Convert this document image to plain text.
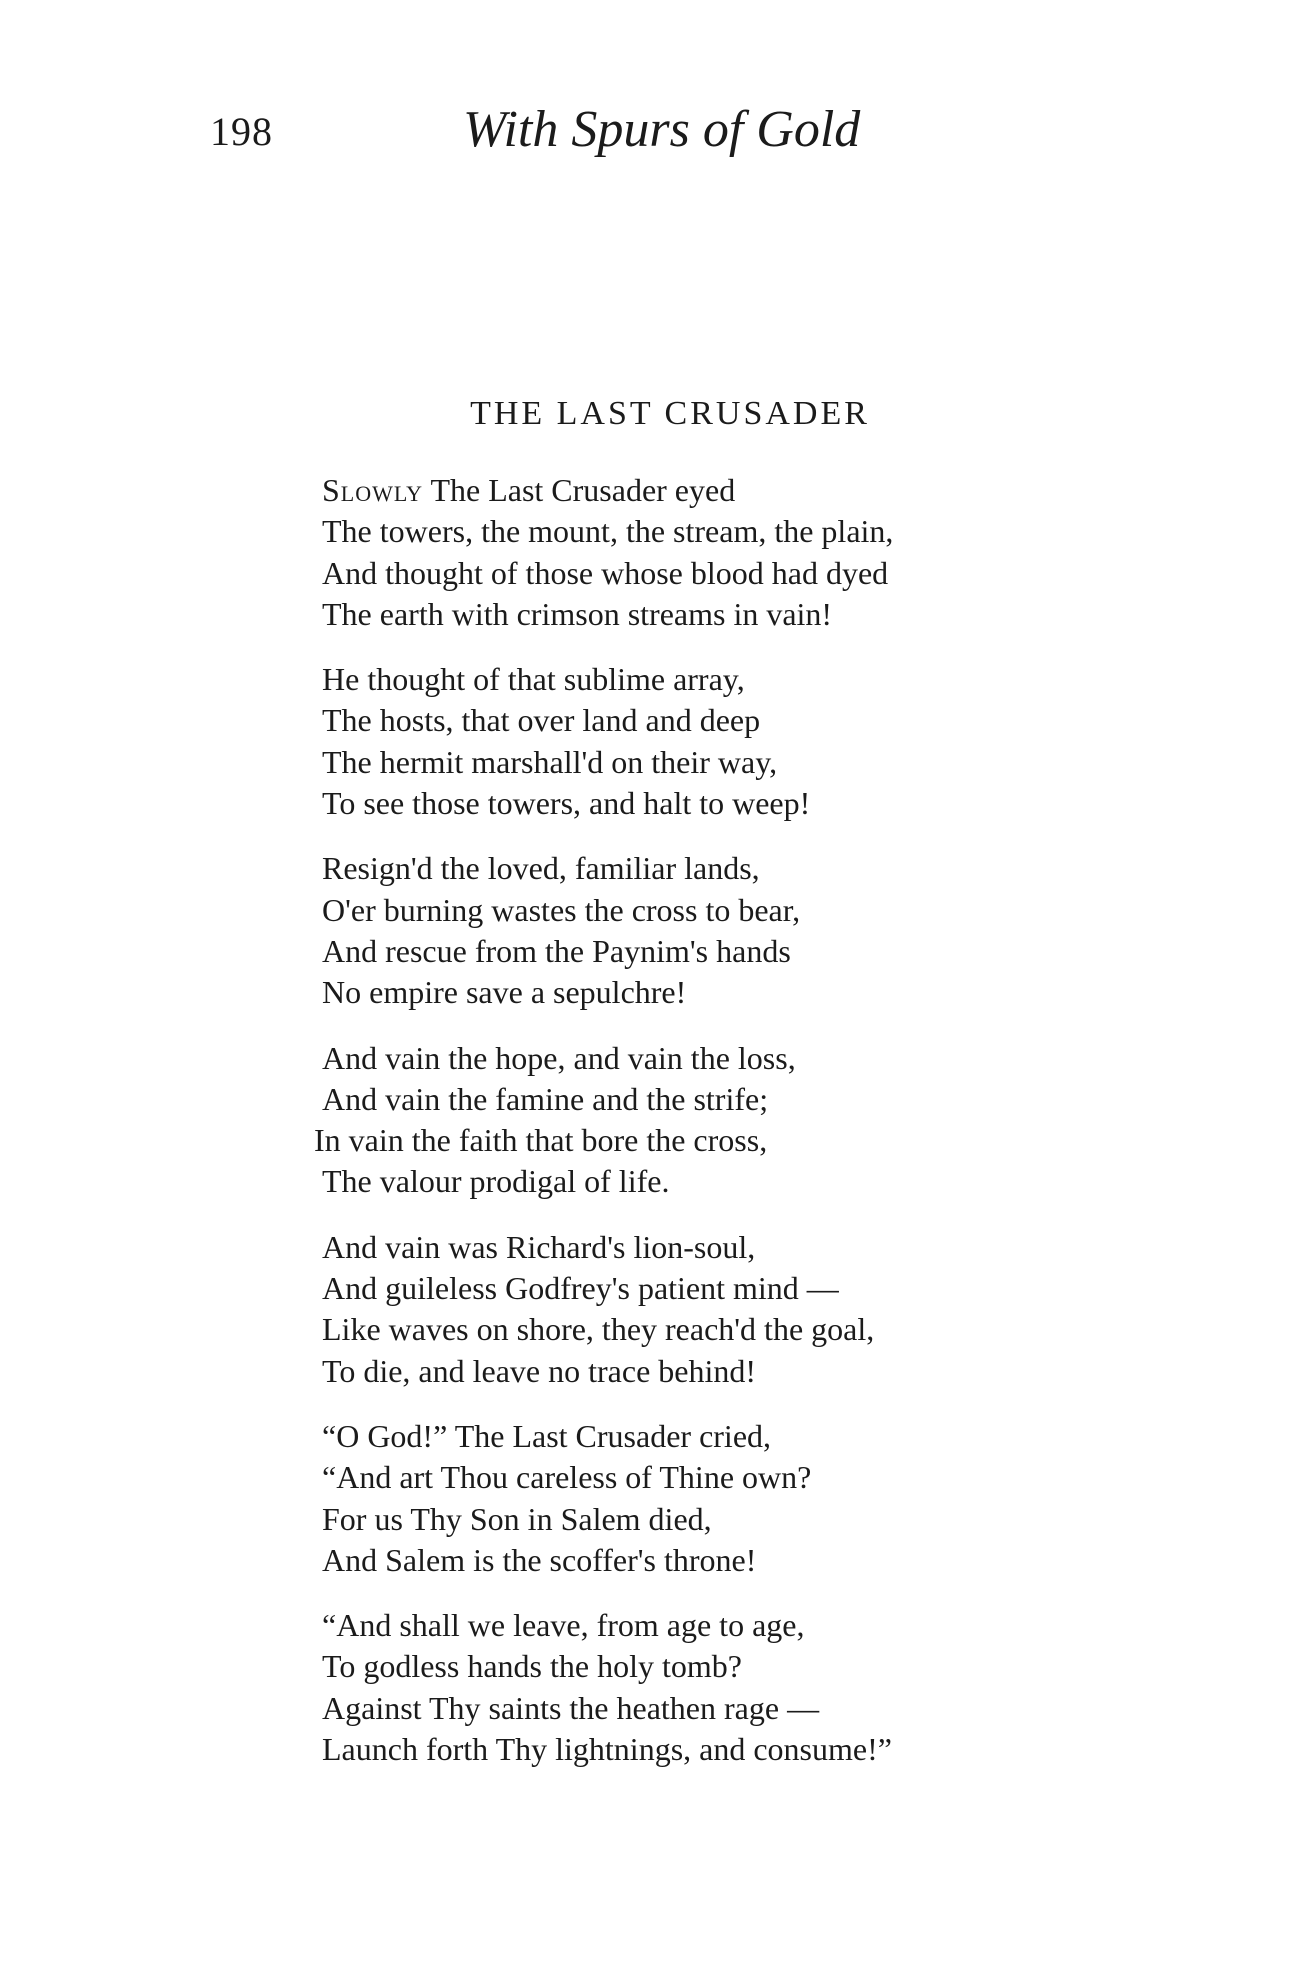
198	With Spurs of Gold
THE LAST CRUSADER
Slowly The Last Crusader eyed
The towers, the mount, the stream, the plain,
And thought of those whose blood had dyed
The earth with crimson streams in vain!
He thought of that sublime array,
The hosts, that over land and deep
The hermit marshall'd on their way,
To see those towers, and halt to weep!
Resign'd the loved, familiar lands,
O'er burning wastes the cross to bear,
And rescue from the Paynim's hands
No empire save a sepulchre!
And vain the hope, and vain the loss,
And vain the famine and the strife;
In vain the faith that bore the cross,
The valour prodigal of life.
And vain was Richard's lion-soul,
And guileless Godfrey's patient mind —
Like waves on shore, they reach'd the goal,
To die, and leave no trace behind!
“O God!” The Last Crusader cried,
“And art Thou careless of Thine own?
For us Thy Son in Salem died,
And Salem is the scoffer's throne!
“And shall we leave, from age to age,
To godless hands the holy tomb?
Against Thy saints the heathen rage —
Launch forth Thy lightnings, and consume!”
